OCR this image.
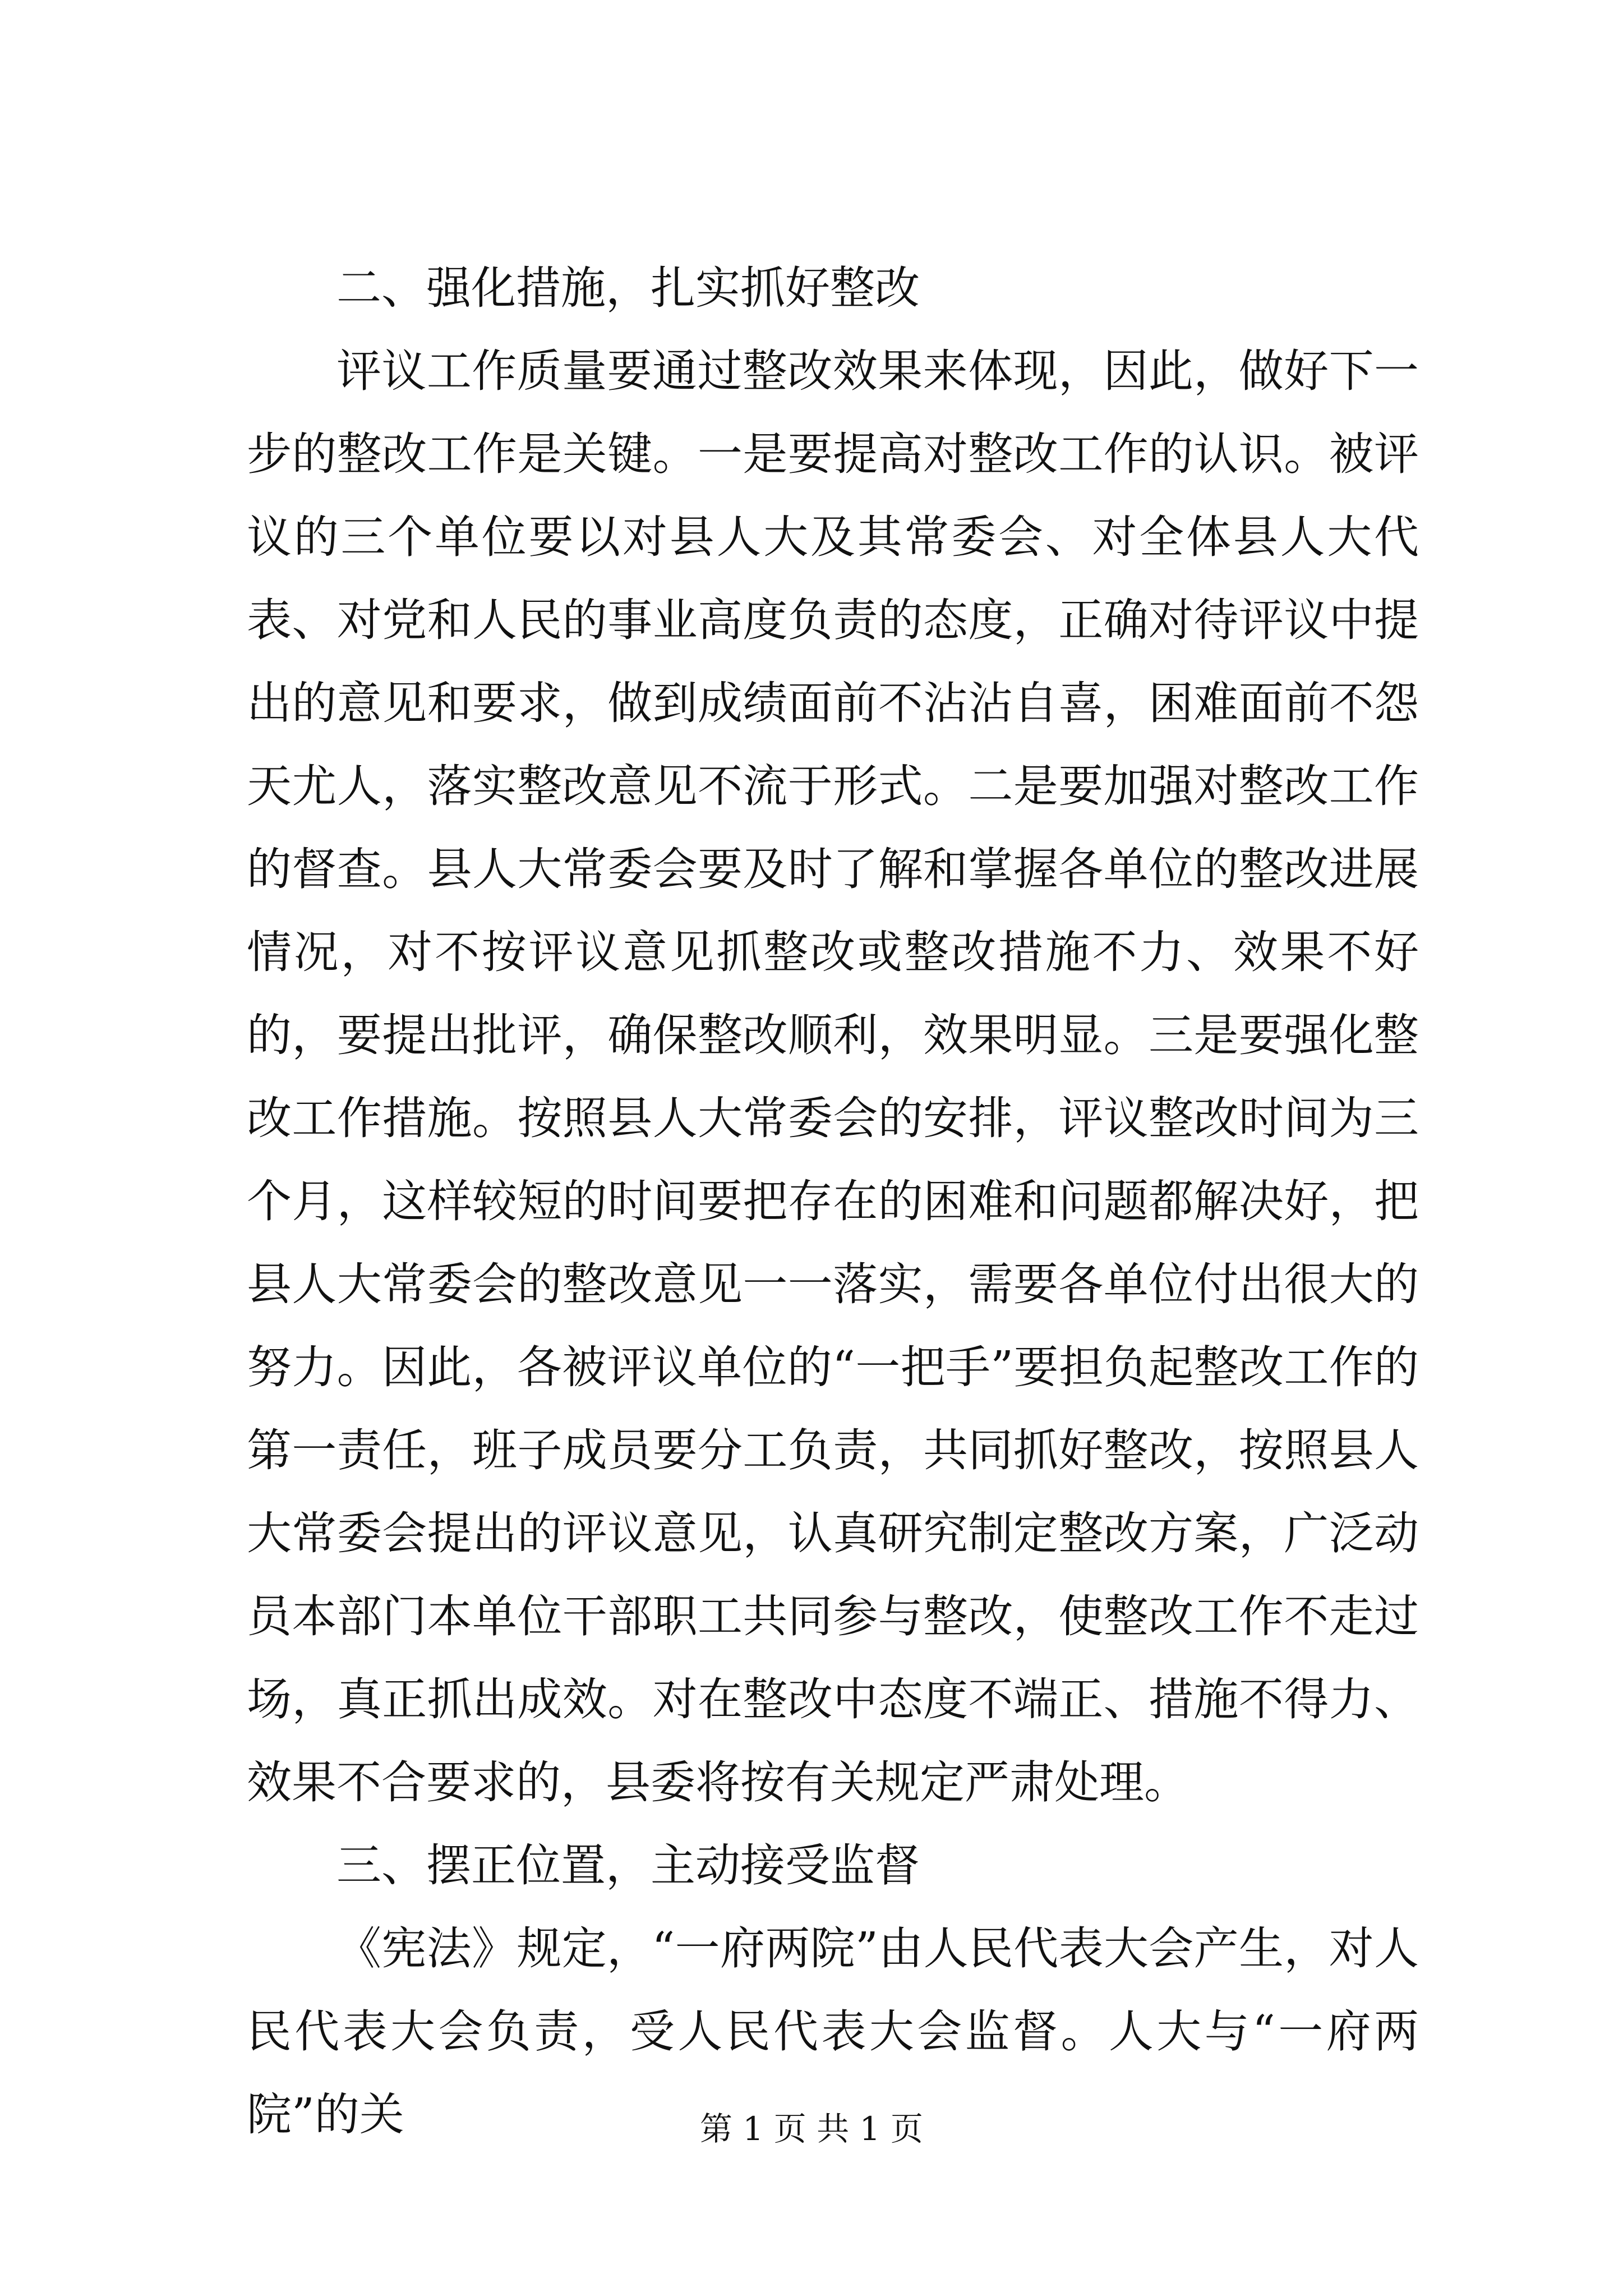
二、强化措施，扎实抓好整改

评议工作质量要通过整改效果来体现，因此，做好下一步的整改工作是关键。一是要提高对整改工作的认识。被评议的三个单位要以对县人大及其常委会、对全体县人大代表、对党和人民的事业高度负责的态度，正确对待评议中提出的意见和要求，做到成绩面前不沾沾自喜，困难面前不怨天尤人，落实整改意见不流于形式。二是要加强对整改工作的督查。县人大常委会要及时了解和掌握各单位的整改进展情况，对不按评议意见抓整改或整改措施不力、效果不好的，要提出批评，确保整改顺利，效果明显。三是要强化整改工作措施。按照县人大常委会的安排，评议整改时间为三个月，这样较短的时间要把存在的困难和问题都解决好，把县人大常委会的整改意见一一落实，需要各单位付出很大的努力。因此，各被评议单位的“一把手”要担负起整改工作的第一责任，班子成员要分工负责，共同抓好整改，按照县人大常委会提出的评议意见，认真研究制定整改方案，广泛动员本部门本单位干部职工共同参与整改，使整改工作不走过场，真正抓出成效。对在整改中态度不端正、措施不得力、效果不合要求的，县委将按有关规定严肃处理。

三、摆正位置，主动接受监督

《宪法》规定，“一府两院”由人民代表大会产生，对人民代表大会负责，受人民代表大会监督。人大与“一府两院”的关	第 1 页 共 1 页
